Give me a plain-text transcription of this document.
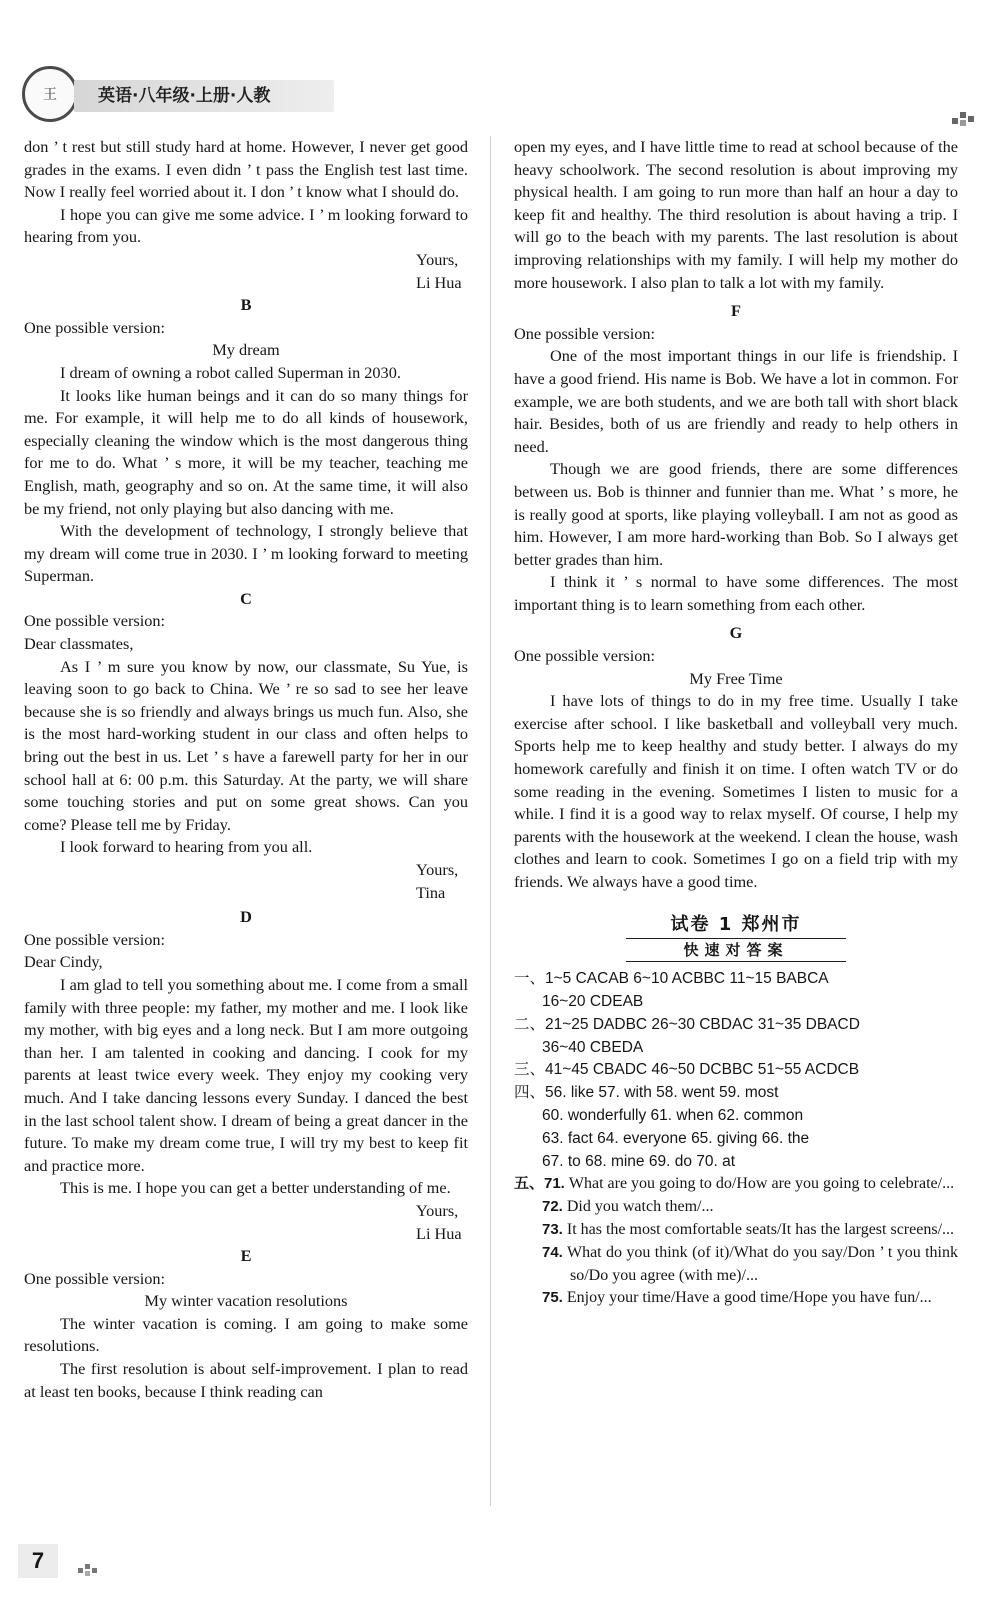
王	英语·八年级·上册·人教

don ’ t rest but still study hard at home. However, I never get good grades in the exams. I even didn ’ t pass the English test last time. Now I really feel worried about it. I don ’ t know what I should do.

I hope you can give me some advice. I ’ m looking forward to hearing from you.

Yours,

Li Hua

B

One possible version:

My dream

I dream of owning a robot called Superman in 2030.

It looks like human beings and it can do so many things for me. For example, it will help me to do all kinds of housework, especially cleaning the window which is the most dangerous thing for me to do. What ’ s more, it will be my teacher, teaching me English, math, geography and so on. At the same time, it will also be my friend, not only playing but also dancing with me.

With the development of technology, I strongly believe that my dream will come true in 2030. I ’ m looking forward to meeting Superman.

C

One possible version:

Dear classmates,

As I ’ m sure you know by now, our classmate, Su Yue, is leaving soon to go back to China. We ’ re so sad to see her leave because she is so friendly and always brings us much fun. Also, she is the most hard-working student in our class and often helps to bring out the best in us. Let ’ s have a farewell party for her in our school hall at 6: 00 p.m. this Saturday. At the party, we will share some touching stories and put on some great shows. Can you come? Please tell me by Friday.

I look forward to hearing from you all.

Yours,

Tina

D

One possible version:

Dear Cindy,

I am glad to tell you something about me. I come from a small family with three people: my father, my mother and me. I look like my mother, with big eyes and a long neck. But I am more outgoing than her. I am talented in cooking and dancing. I cook for my parents at least twice every week. They enjoy my cooking very much. And I take dancing lessons every Sunday. I danced the best in the last school talent show. I dream of being a great dancer in the future. To make my dream come true, I will try my best to keep fit and practice more.

This is me. I hope you can get a better understanding of me.

Yours,

Li Hua

E

One possible version:

My winter vacation resolutions

The winter vacation is coming. I am going to make some resolutions.

The first resolution is about self-improvement. I plan to read at least ten books, because I think reading can

open my eyes, and I have little time to read at school because of the heavy schoolwork. The second resolution is about improving my physical health. I am going to run more than half an hour a day to keep fit and healthy. The third resolution is about having a trip. I will go to the beach with my parents. The last resolution is about improving relationships with my family. I will help my mother do more housework. I also plan to talk a lot with my family.

F

One possible version:

One of the most important things in our life is friendship. I have a good friend. His name is Bob. We have a lot in common. For example, we are both students, and we are both tall with short black hair. Besides, both of us are friendly and ready to help others in need.

Though we are good friends, there are some differences between us. Bob is thinner and funnier than me. What ’ s more, he is really good at sports, like playing volleyball. I am not as good as him. However, I am more hard-working than Bob. So I always get better grades than him.

I think it ’ s normal to have some differences. The most important thing is to learn something from each other.

G

One possible version:

My Free Time

I have lots of things to do in my free time. Usually I take exercise after school. I like basketball and volleyball very much. Sports help me to keep healthy and study better. I always do my homework carefully and finish it on time. I often watch TV or do some reading in the evening. Sometimes I listen to music for a while. I find it is a good way to relax myself. Of course, I help my parents with the housework at the weekend. I clean the house, wash clothes and learn to cook. Sometimes I go on a field trip with my friends. We always have a good time.

试卷 1 郑州市
快速对答案
一、1~5 CACAB 6~10 ACBBC 11~15 BABCA
16~20 CDEAB
二、21~25 DADBC 26~30 CBDAC 31~35 DBACD
36~40 CBEDA
三、41~45 CBADC 46~50 DCBBC 51~55 ACDCB
四、56. like 57. with 58. went 59. most
60. wonderfully 61. when 62. common
63. fact 64. everyone 65. giving 66. the
67. to 68. mine 69. do 70. at
五、71. What are you going to do/How are you going to celebrate/...
72. Did you watch them/...
73. It has the most comfortable seats/It has the largest screens/...
74. What do you think (of it)/What do you say/Don ’ t you think so/Do you agree (with me)/...
75. Enjoy your time/Have a good time/Hope you have fun/...
7
